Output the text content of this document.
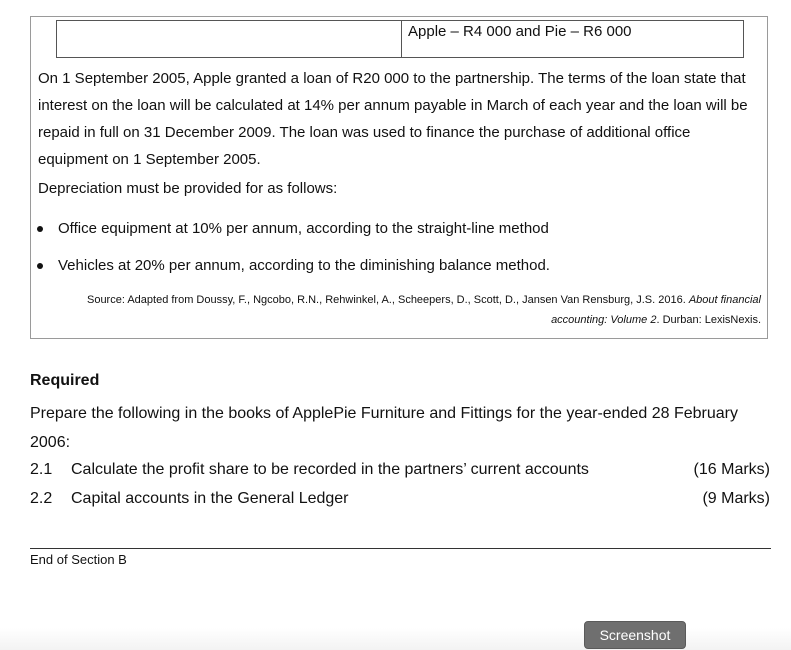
Apple – R4 000 and Pie – R6 000

On 1 September 2005, Apple granted a loan of R20 000 to the partnership. The terms of the loan state that interest on the loan will be calculated at 14% per annum payable in March of each year and the loan will be repaid in full on 31 December 2009. The loan was used to finance the purchase of additional office equipment on 1 September 2005.

Depreciation must be provided for as follows:

Office equipment at 10% per annum, according to the straight-line method
Vehicles at 20% per annum, according to the diminishing balance method.
Source: Adapted from Doussy, F., Ngcobo, R.N., Rehwinkel, A., Scheepers, D., Scott, D., Jansen Van Rensburg, J.S. 2016. About financial
accounting: Volume 2. Durban: LexisNexis.
Required
Prepare the following in the books of ApplePie Furniture and Fittings for the year-ended 28 February 2006:
2.1	Calculate the profit share to be recorded in the partners’ current accounts	(16 Marks)
2.2	Capital accounts in the General Ledger	(9 Marks)
End of Section B
Screenshot
